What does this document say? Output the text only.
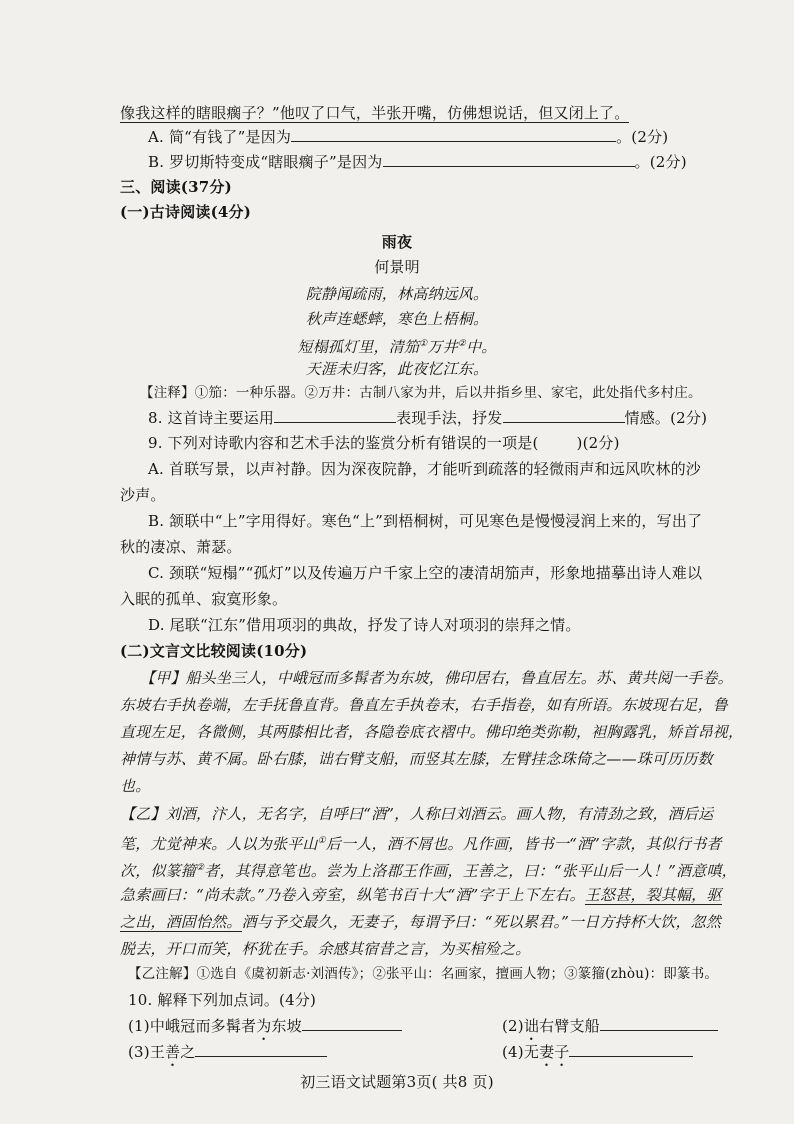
像我这样的瞎眼瘸子？”他叹了口气，半张开嘴，仿佛想说话，但又闭上了。
A. 简“有钱了”是因为	。(2分)
B. 罗切斯特变成“瞎眼瘸子”是因为	。(2分)
三、阅读(37分)
(一)古诗阅读(4分)
雨夜
何景明
院静闻疏雨，林高纳远风。
秋声连蟋蟀，寒色上梧桐。
短榻孤灯里，清笳①万井②中。
天涯未归客，此夜忆江东。
【注释】①笳：一种乐器。②万井：古制八家为井，后以井指乡里、家宅，此处指代多村庄。
8. 这首诗主要运用	表现手法，抒发	情感。(2分)
9. 下列对诗歌内容和艺术手法的鉴赏分析有错误的一项是(	)(2分)
A. 首联写景，以声衬静。因为深夜院静，才能听到疏落的轻微雨声和远风吹林的沙
沙声。
B. 颔联中“上”字用得好。寒色“上”到梧桐树，可见寒色是慢慢浸润上来的，写出了
秋的凄凉、萧瑟。
C. 颈联“短榻”“孤灯”以及传遍万户千家上空的凄清胡笳声，形象地描摹出诗人难以
入眠的孤单、寂寞形象。
D. 尾联“江东”借用项羽的典故，抒发了诗人对项羽的崇拜之情。
(二)文言文比较阅读(10分)
【甲】船头坐三人，中峨冠而多髯者为东坡，佛印居右，鲁直居左。苏、黄共阅一手卷。
东坡右手执卷端，左手抚鲁直背。鲁直左手执卷末，右手指卷，如有所语。东坡现右足，鲁
直现左足，各微侧，其两膝相比者，各隐卷底衣褶中。佛印绝类弥勒，袒胸露乳，矫首昂视，
神情与苏、黄不属。卧右膝，诎右臂支船，而竖其左膝，左臂挂念珠倚之——珠可历历数
也。
【乙】刘酒，汴人，无名字，自呼曰“酒”，人称曰刘酒云。画人物，有清劲之致，酒后运
笔，尤觉神来。人以为张平山①后一人，酒不屑也。凡作画，皆书一“酒”字款，其似行书者
次，似篆籀②者，其得意笔也。尝为上洛郡王作画，王善之，曰：“张平山后一人！”酒意嗔，
急索画曰：“尚未款。”乃卷入旁室，纵笔书百十大“酒”字于上下左右。王怒甚，裂其幅，驱
之出，酒固怡然。酒与予交最久，无妻子，每谓予曰：“死以累君。”一日方持杯大饮，忽然
脱去，开口而笑，杯犹在手。余感其宿昔之言，为买棺殓之。
【乙注解】①选自《虞初新志·刘酒传》；②张平山：名画家，擅画人物；③篆籀(zhòu)：即篆书。
10. 解释下列加点词。(4分)
(1)中峨冠而多髯者为东坡	(2)诎右臂支船
(3)王善之	(4)无妻子
初三语文试题第3页( 共8 页)
